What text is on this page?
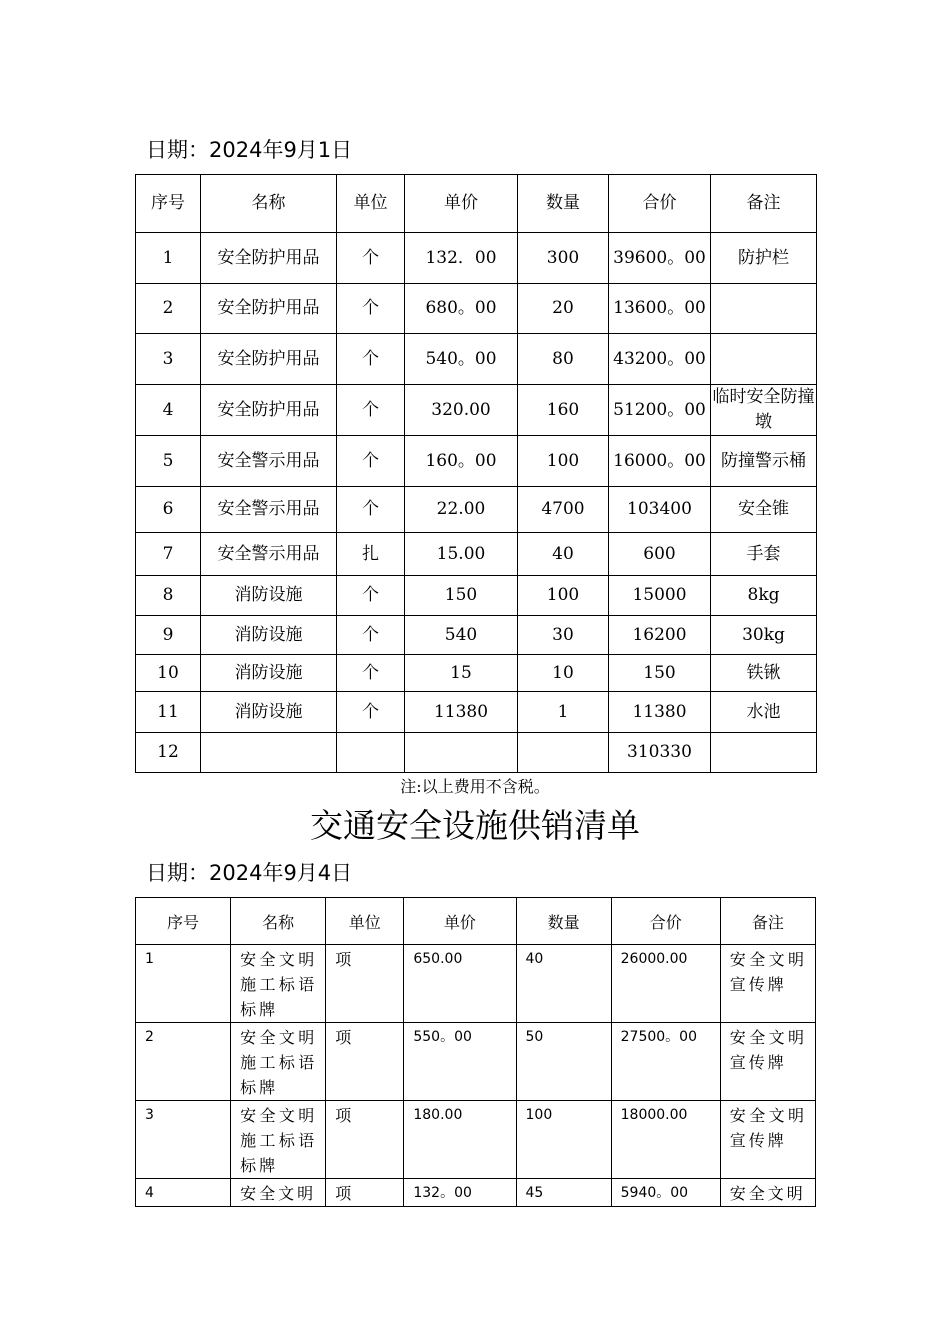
日期：2024年9月1日
序号	名称	单位	单价	数量	合价	备注
1	安全防护用品	个	132．00	300	39600。00	防护栏
2	安全防护用品	个	680。00	20	13600。00	
3	安全防护用品	个	540。00	80	43200。00	
4	安全防护用品	个	320.00	160	51200。00	临时安全防撞墩
5	安全警示用品	个	160。00	100	16000。00	防撞警示桶
6	安全警示用品	个	22.00	4700	103400	安全锥
7	安全警示用品	扎	15.00	40	600	手套
8	消防设施	个	150	100	15000	8kg
9	消防设施	个	540	30	16200	30kg
10	消防设施	个	15	10	150	铁锹
11	消防设施	个	11380	1	11380	水池
12					310330	
注:以上费用不含税。
交通安全设施供销清单
日期：2024年9月4日
序号	名称	单位	单价	数量	合价	备注
1	安全文明施工标语标牌	项	650.00	40	26000.00	安全文明宣传牌
2	安全文明施工标语标牌	项	550。00	50	27500。00	安全文明宣传牌
3	安全文明施工标语标牌	项	180.00	100	18000.00	安全文明宣传牌
4	安全文明	项	132。00	45	5940。00	安全文明
